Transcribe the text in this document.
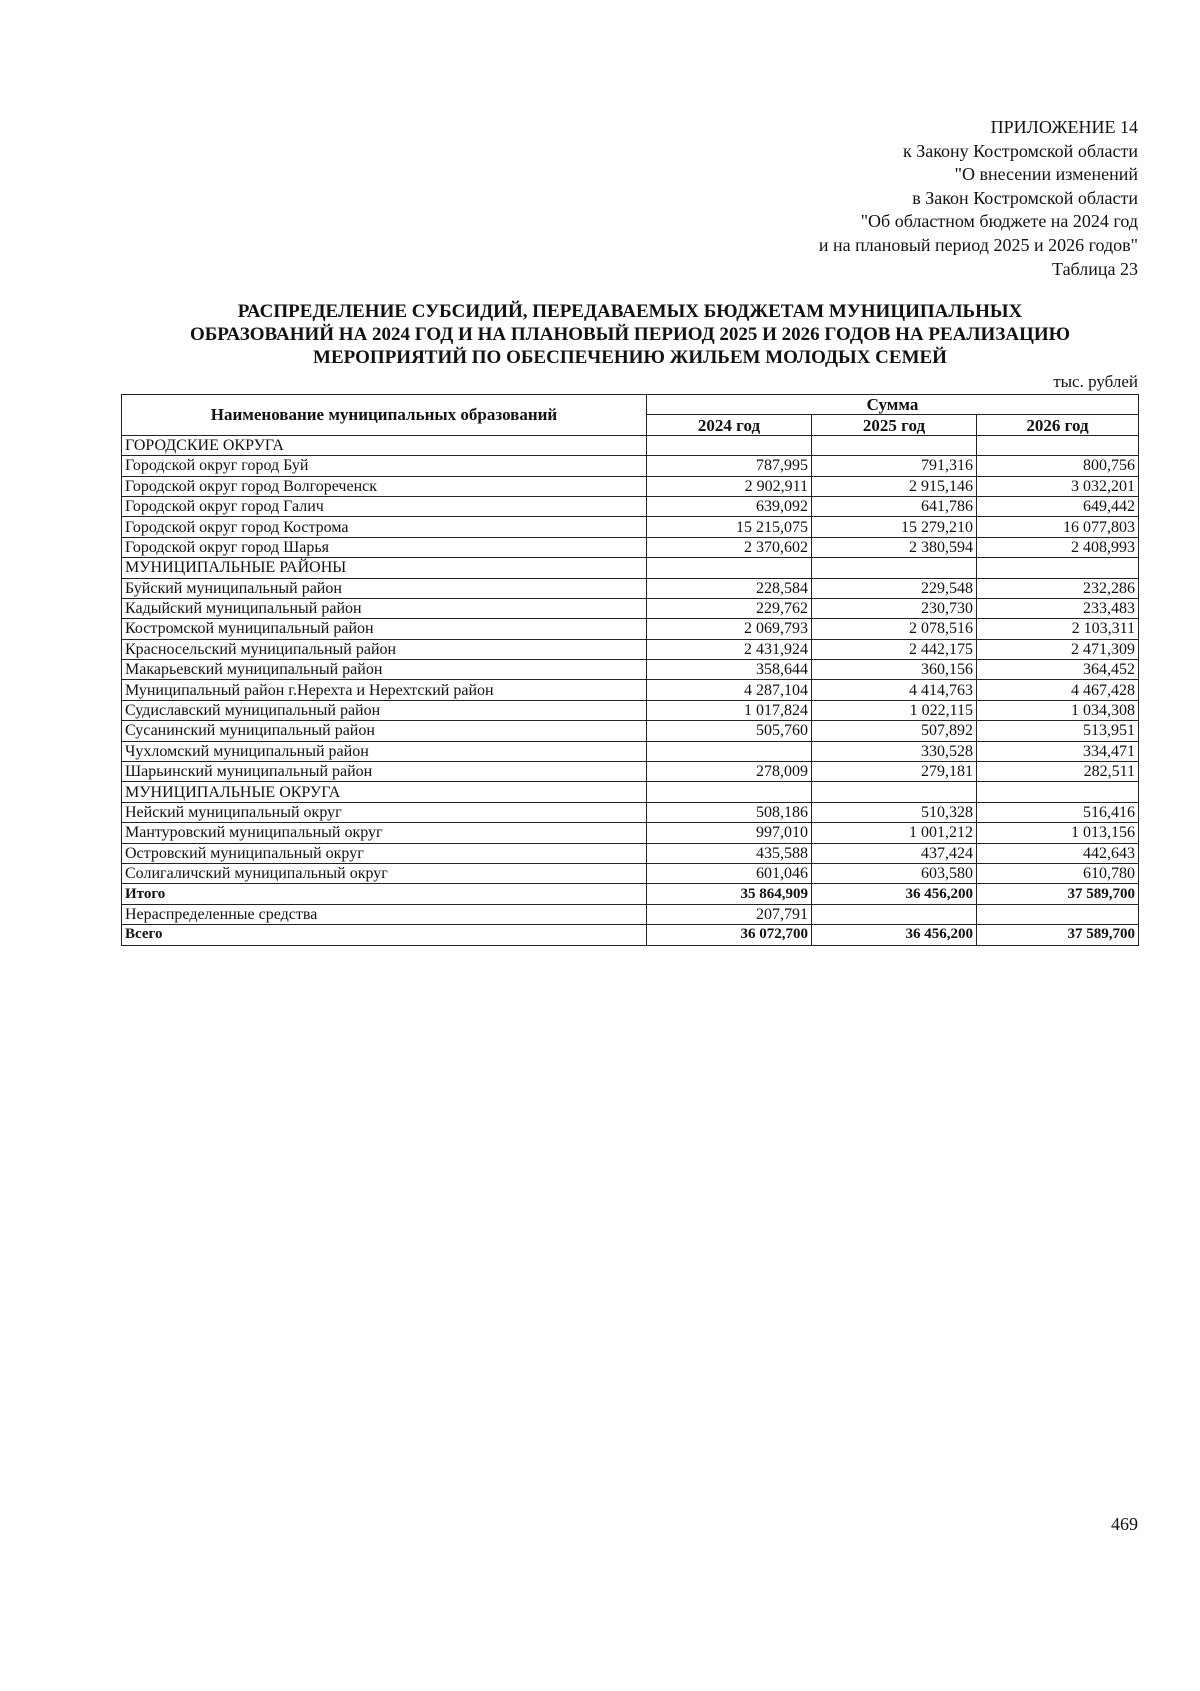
ПРИЛОЖЕНИЕ 14
к Закону Костромской области
"О внесении изменений
в Закон Костромской области
"Об областном бюджете на 2024 год
и на плановый период 2025 и 2026 годов"
Таблица 23
РАСПРЕДЕЛЕНИЕ СУБСИДИЙ, ПЕРЕДАВАЕМЫХ БЮДЖЕТАМ МУНИЦИПАЛЬНЫХ
ОБРАЗОВАНИЙ НА 2024 ГОД И НА ПЛАНОВЫЙ ПЕРИОД 2025 И 2026 ГОДОВ НА РЕАЛИЗАЦИЮ
МЕРОПРИЯТИЙ ПО ОБЕСПЕЧЕНИЮ ЖИЛЬЕМ МОЛОДЫХ СЕМЕЙ
тыс. рублей
Наименование муниципальных образований	Сумма		
	2024 год	2025 год	2026 год
ГОРОДСКИЕ ОКРУГА			
Городской округ город Буй	787,995	791,316	800,756
Городской округ город Волгореченск	2 902,911	2 915,146	3 032,201
Городской округ город Галич	639,092	641,786	649,442
Городской округ город Кострома	15 215,075	15 279,210	16 077,803
Городской округ город Шарья	2 370,602	2 380,594	2 408,993
МУНИЦИПАЛЬНЫЕ РАЙОНЫ			
Буйский муниципальный район	228,584	229,548	232,286
Кадыйский муниципальный район	229,762	230,730	233,483
Костромской муниципальный район	2 069,793	2 078,516	2 103,311
Красносельский муниципальный район	2 431,924	2 442,175	2 471,309
Макарьевский муниципальный район	358,644	360,156	364,452
Муниципальный район г.Нерехта и Нерехтский район	4 287,104	4 414,763	4 467,428
Судиславский муниципальный район	1 017,824	1 022,115	1 034,308
Сусанинский муниципальный район	505,760	507,892	513,951
Чухломский муниципальный район		330,528	334,471
Шарьинский муниципальный район	278,009	279,181	282,511
МУНИЦИПАЛЬНЫЕ ОКРУГА			
Нейский муниципальный округ	508,186	510,328	516,416
Мантуровский муниципальный округ	997,010	1 001,212	1 013,156
Островский муниципальный округ	435,588	437,424	442,643
Солигаличский муниципальный округ	601,046	603,580	610,780
Итого	35 864,909	36 456,200	37 589,700
Нераспределенные средства	207,791		
Всего	36 072,700	36 456,200	37 589,700
469
